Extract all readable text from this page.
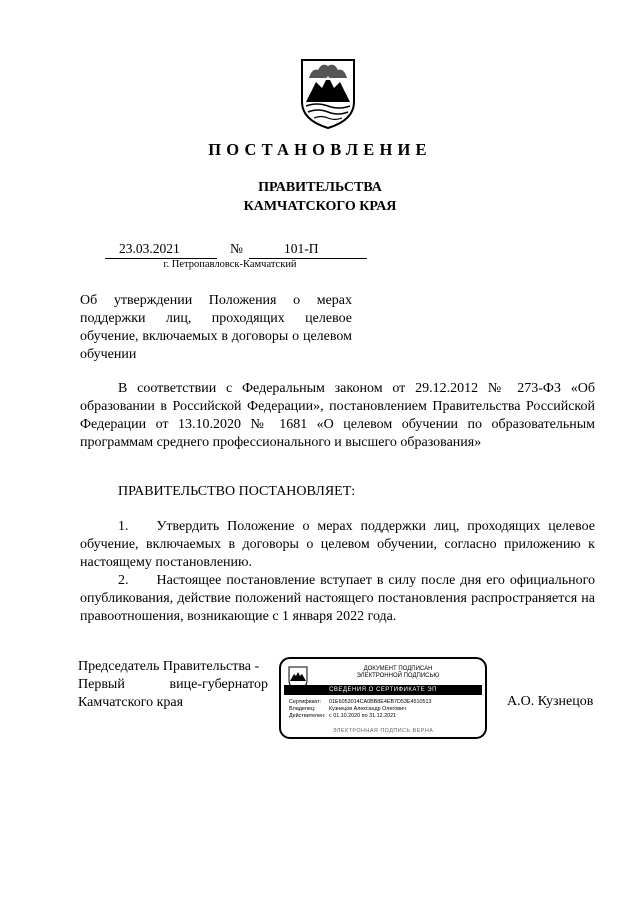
ПОСТАНОВЛЕНИЕ
ПРАВИТЕЛЬСТВА
КАМЧАТСКОГО КРАЯ
23.03.2021	№	101-П
г. Петропавловск-Камчатский
Об утверждении Положения о мерах поддержки лиц, проходящих целевое обучение, включаемых в договоры о целевом обучении
В соответствии с Федеральным законом от 29.12.2012 № 273-ФЗ «Об образовании в Российской Федерации», постановлением Правительства Российской Федерации от 13.10.2020 № 1681 «О целевом обучении по образовательным программам среднего профессионального и высшего образования»
ПРАВИТЕЛЬСТВО ПОСТАНОВЛЯЕТ:
1.  Утвердить Положение о мерах поддержки лиц, проходящих целевое обучение, включаемых в договоры о целевом обучении, согласно приложению к настоящему постановлению.
2.  Настоящее постановление вступает в силу после дня его официального опубликования, действие положений настоящего постановления распространяется на правоотношения, возникающие с 1 января 2022 года.
Председатель Правительства -
Первый вице-губернатор
Камчатского края
ДОКУМЕНТ ПОДПИСАН
ЭЛЕКТРОННОЙ ПОДПИСЬЮ
СВЕДЕНИЯ О СЕРТИФИКАТЕ ЭП
Сертификат:	01E6053014CA0BB8E4EB7D53E4510513
Владелец:	Кузнецов Александр Олегович
Действителен: с 01.10.2020 по 31.12.2021
ЭЛЕКТРОННАЯ ПОДПИСЬ ВЕРНА
А.О. Кузнецов
